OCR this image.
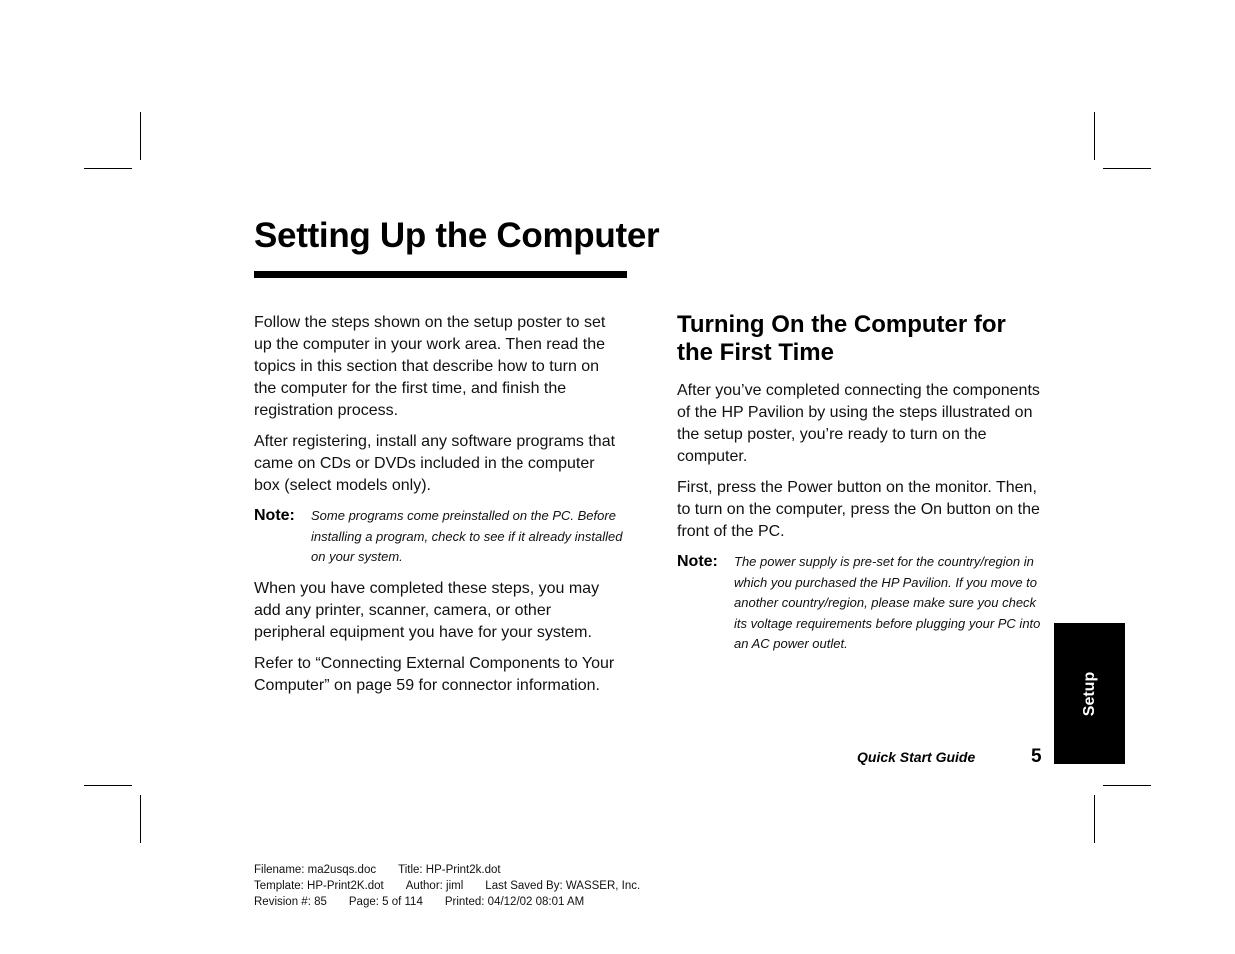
Setting Up the Computer

Follow the steps shown on the setup poster to set up the computer in your work area. Then read the topics in this section that describe how to turn on the computer for the first time, and finish the registration process.

After registering, install any software programs that came on CDs or DVDs included in the computer box (select models only).

Note:	Some programs come preinstalled on the PC. Before installing a program, check to see if it already installed on your system.

When you have completed these steps, you may add any printer, scanner, camera, or other peripheral equipment you have for your system.

Refer to “Connecting External Components to Your Computer” on page 59 for connector information.

Turning On the Computer for the First Time

After you’ve completed connecting the components of the HP Pavilion by using the steps illustrated on the setup poster, you’re ready to turn on the computer.

First, press the Power button on the monitor. Then, to turn on the computer, press the On button on the front of the PC.

Note:	The power supply is pre-set for the country/region in which you purchased the HP Pavilion. If you move to another country/region, please make sure you check its voltage requirements before plugging your PC into an AC power outlet.
Setup
Quick Start Guide	5
Filename: ma2usqs.doc Title: HP-Print2k.dot
Template: HP-Print2K.dot Author: jiml Last Saved By: WASSER, Inc.
Revision #: 85 Page: 5 of 114 Printed: 04/12/02 08:01 AM
